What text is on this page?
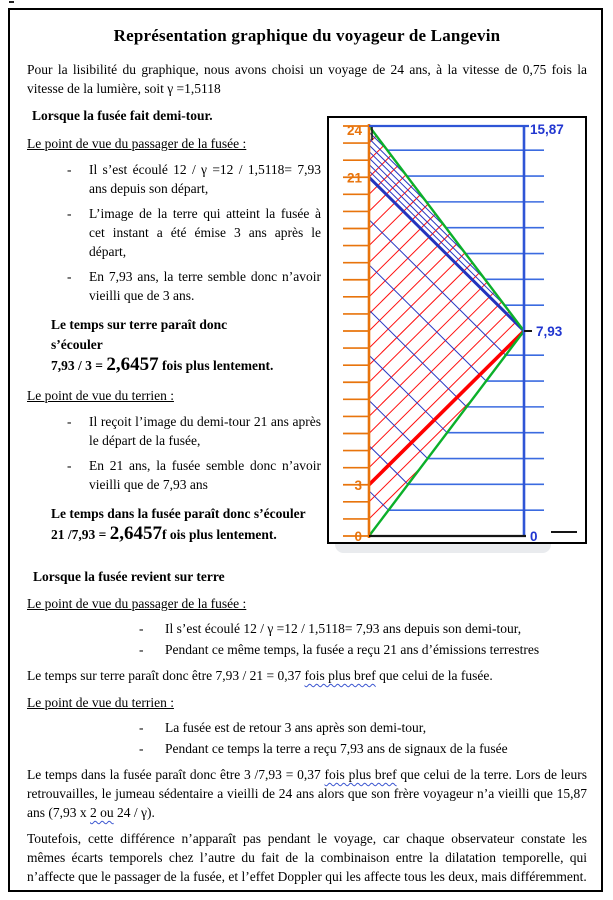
Représentation graphique du voyageur de Langevin
Pour la lisibilité du graphique, nous avons choisi un voyage de 24 ans, à la vitesse de 0,75 fois la vitesse de la lumière, soit γ =1,5118
Lorsque la fusée fait demi-tour.
Le point de vue du passager de la fusée :
-	Il s’est écoulé 12 / γ =12 / 1,5118= 7,93 ans depuis son départ,
-	L’image de la terre qui atteint la fusée à cet instant a été émise 3 ans après le départ,
-	En 7,93 ans, la terre semble donc n’avoir vieilli que de 3 ans.
Le temps sur terre paraît donc
s’écouler
7,93 / 3 = 2,6457 fois plus lentement.
Le point de vue du terrien :
-	Il reçoit l’image du demi-tour 21 ans après le départ de la fusée,
-	En 21 ans, la fusée semble donc n’avoir vieilli que de 7,93 ans
Le temps dans la fusée paraît donc s’écouler 21 /7,93 = 2,6457f ois plus lentement.
24
21
3
0
15,87
7,93
0
Lorsque la fusée revient sur terre
Le point de vue du passager de la fusée :
-	Il s’est écoulé 12 / γ =12 / 1,5118= 7,93 ans depuis son demi-tour,
-	Pendant ce même temps, la fusée a reçu 21 ans d’émissions terrestres
Le temps sur terre paraît donc être 7,93 / 21 = 0,37 fois plus bref que celui de la fusée.
Le point de vue du terrien :
-	La fusée est de retour 3 ans après son demi-tour,
-	Pendant ce temps la terre a reçu 7,93 ans de signaux de la fusée
Le temps dans la fusée paraît donc être 3 /7,93 = 0,37 fois plus bref que celui de la terre. Lors de leurs retrouvailles, le jumeau sédentaire a vieilli de 24 ans alors que son frère voyageur n’a vieilli que 15,87 ans (7,93 x 2 ou 24 / γ).
Toutefois, cette différence n’apparaît pas pendant le voyage, car chaque observateur constate les mêmes écarts temporels chez l’autre du fait de la combinaison entre la dilatation temporelle, qui n’affecte que le passager de la fusée, et l’effet Doppler qui les affecte tous les deux, mais différemment.
